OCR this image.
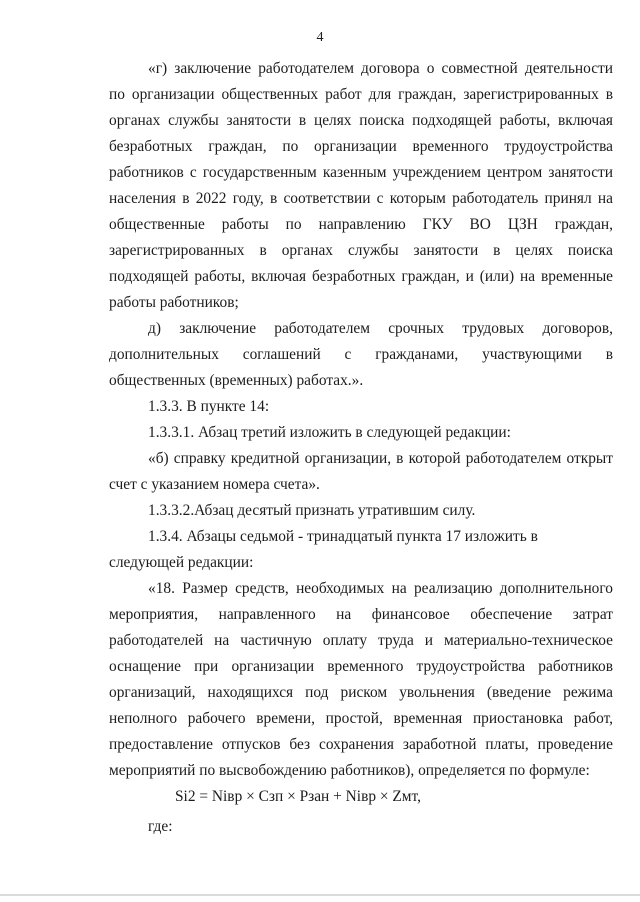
4

«г) заключение работодателем договора о совместной деятельности по организации общественных работ для граждан, зарегистрированных в органах службы занятости в целях поиска подходящей работы, включая безработных граждан, по организации временного трудоустройства работников с государственным казенным учреждением центром занятости населения в 2022 году, в соответствии с которым работодатель принял на общественные работы по направлению ГКУ ВО ЦЗН граждан, зарегистрированных в органах службы занятости в целях поиска подходящей работы, включая безработных граждан, и (или) на временные работы работников;

д) заключение работодателем срочных трудовых договоров, дополнительных соглашений с гражданами, участвующими в общественных (временных) работах.».

1.3.3. В пункте 14:

1.3.3.1. Абзац третий изложить в следующей редакции:

«б) справку кредитной организации, в которой работодателем открыт счет с указанием номера счета».

1.3.3.2.Абзац десятый признать утратившим силу.

1.3.4. Абзацы седьмой - тринадцатый пункта 17 изложить в следующей редакции:

«18. Размер средств, необходимых на реализацию дополнительного мероприятия, направленного на финансовое обеспечение затрат работодателей на частичную оплату труда и материально-техническое оснащение при организации временного трудоустройства работников организаций, находящихся под риском увольнения (введение режима неполного рабочего времени, простой, временная приостановка работ, предоставление отпусков без сохранения заработной платы, проведение мероприятий по высвобождению работников), определяется по формуле:

Si2 = Niвр × Сзп × Рзан + Niвр × Zмт,

где:
